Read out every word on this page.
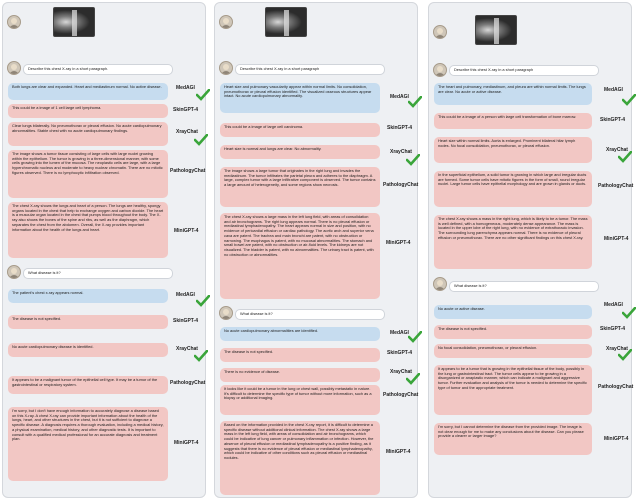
Describe this chest X-ray in a short paragraph.
Both lungs are clear and expanded. Heart and mediastinum normal. No active disease.
This could be a image of 1 cell large cell lymphoma.
Clear lungs bilaterally. No pneumothorax or pleural effusion. No acute cardiopulmonary abnormalities. Stable chest with no acute cardiopulmonary findings.
The image shows a tumor tissue consisting of large cells with large nuclei growing within the epithelium. The tumor is growing in a three-dimensional manner, with some cells growing into the lumen of the mucosa. The neoplastic cells are large, with a large hyperchromatic nucleus and moderate to heavy nuclear chromatin. There are no mitotic figures observed. There is no lymphocytic infiltration observed.
The chest X-ray shows the lungs and heart of a person. The lungs are healthy, spongy organs located in the chest that help to exchange oxygen and carbon dioxide. The heart is a muscular organ located in the chest that pumps blood throughout the body. The X-ray also shows the bones of the spine and ribs, as well as the diaphragm, which separates the chest from the abdomen. Overall, the X-ray provides important information about the health of the lungs and heart.
What disease is it?
The patient's chest x-ray appears normal.
The disease is not specified.
No acute cardiopulmonary disease is identified.
It appears to be a malignant tumor of the epithelial cell type. It may be a tumor of the gastrointestinal or respiratory system.
I'm sorry, but I don't have enough information to accurately diagnose a disease based on this X-ray. A chest X-ray can provide important information about the health of the lungs, heart, and other structures in the chest, but it is not sufficient to diagnose a specific disease. A diagnosis requires a thorough evaluation, including a medical history, a physical examination, medical history, and other diagnostic tests. It is important to consult with a qualified medical professional for an accurate diagnosis and treatment plan.
MedAGI
SkinGPT-4
XrayChat
PathologyChat
MiniGPT-4
MedAGI
SkinGPT-4
XrayChat
PathologyChat
MiniGPT-4
Describe this chest X-ray in a short paragraph
Heart size and pulmonary vascularity appear within normal limits. No consolidation, pneumothorax or pleural effusion identified. The visualized osseous structures appear intact. No acute cardiopulmonary abnormality.
This could be a image of large cell carcinoma.
Heart size is normal and lungs are clear. No abnormality.
The image shows a large tumor that originates in the right lung and invades the mediastinum. The tumor infiltrates the parietal pleura and adheres to the diaphragm. A large, complex tumor with a large infiltrative component is observed. The tumor contains a large amount of heterogeneity, and some regions show necrosis.
The chest X-ray shows a large mass in the left lung field, with areas of consolidation and air bronchograms. The right lung appears normal. There is no pleural effusion or mediastinal lymphadenopathy. The heart appears normal in size and position, with no evidence of pericardial effusion or cardiac pathology. The aortic arch and superior vena cava are patent. The trachea and main bronchi are patent, with no obstruction or narrowing. The esophagus is patent, with no mucosal abnormalities. The stomach and small bowel are patent, with no obstruction or air-fluid levels. The kidneys are not visualized. The bladder is patent, with no abnormalities. The urinary tract is patent, with no obstruction or abnormalities.
What disease is it?
No acute cardiopulmonary abnormalities are identified.
The disease is not specified.
There is no evidence of disease.
It looks like it could be a tumor in the lung or chest wall, possibly metastatic in nature. It's difficult to determine the specific type of tumor without more information, such as a biopsy or additional imaging.
Based on the information provided in the chest X-ray report, it is difficult to determine a specific disease without additional clinical information. The chest X-ray shows a large mass in the left lung field, with areas of consolidation and air bronchograms, which could be indicative of lung cancer or pulmonary inflammation or infection. However, the absence of pleural effusion or mediastinal lymphadenopathy is a positive finding, as it suggests that there is no evidence of pleural effusion or mediastinal lymphadenopathy, which could be indicative of other conditions such as pleural effusion or mediastinal nodules.
MedAGI
SkinGPT-4
XrayChat
PathologyChat
MiniGPT-4
MedAGI
SkinGPT-4
XrayChat
PathologyChat
MiniGPT-4
Describe this chest X-ray in a short paragraph
The heart and pulmonary, mediastinum, and pleura are within normal limits. The lungs are clear. No acute or active disease.
This could be a image of a person with large cell transformation of bone marrow.
Heart size within normal limits. Aorta is enlarged. Prominent bilateral hilar lymph nodes. No focal consolidation, pneumothorax, or pleural effusion.
In the superficial epithelium, a solid tumor is growing in which large and irregular ducts are formed. Some tumor cells have mitotic figures in the form of small, round irregular nuclei. Large tumor cells have epithelial morphology and are grown in glands or ducts.
The chest X-ray shows a mass in the right lung, which is likely to be a tumor. The mass is well defined, with a homogeneous, moderately dense appearance. The mass is located in the upper lobe of the right lung, with no evidence of extrathoracic invasion. The surrounding lung parenchyma appears normal. There is no evidence of pleural effusion or pneumothorax. There are no other significant findings on this chest X-ray.
What disease is it?
No acute or active disease.
The disease is not specified.
No focal consolidation, pneumothorax, or pleural effusion.
It appears to be a tumor that is growing in the epithelial tissue of the body, possibly in the lung or gastrointestinal tract. The tumor cells appear to be growing in a disorganized or anaplastic manner, which can indicate a malignant and aggressive tumor. Further evaluation and analysis of the tumor is needed to determine the specific type of tumor and the appropriate treatment.
I'm sorry, but I cannot determine the disease from the provided image. The image is not clear enough for me to make any conclusions about the disease. Can you please provide a clearer or larger image?
MedAGI
SkinGPT-4
XrayChat
PathologyChat
MiniGPT-4
MedAGI
SkinGPT-4
XrayChat
PathologyChat
MiniGPT-4
